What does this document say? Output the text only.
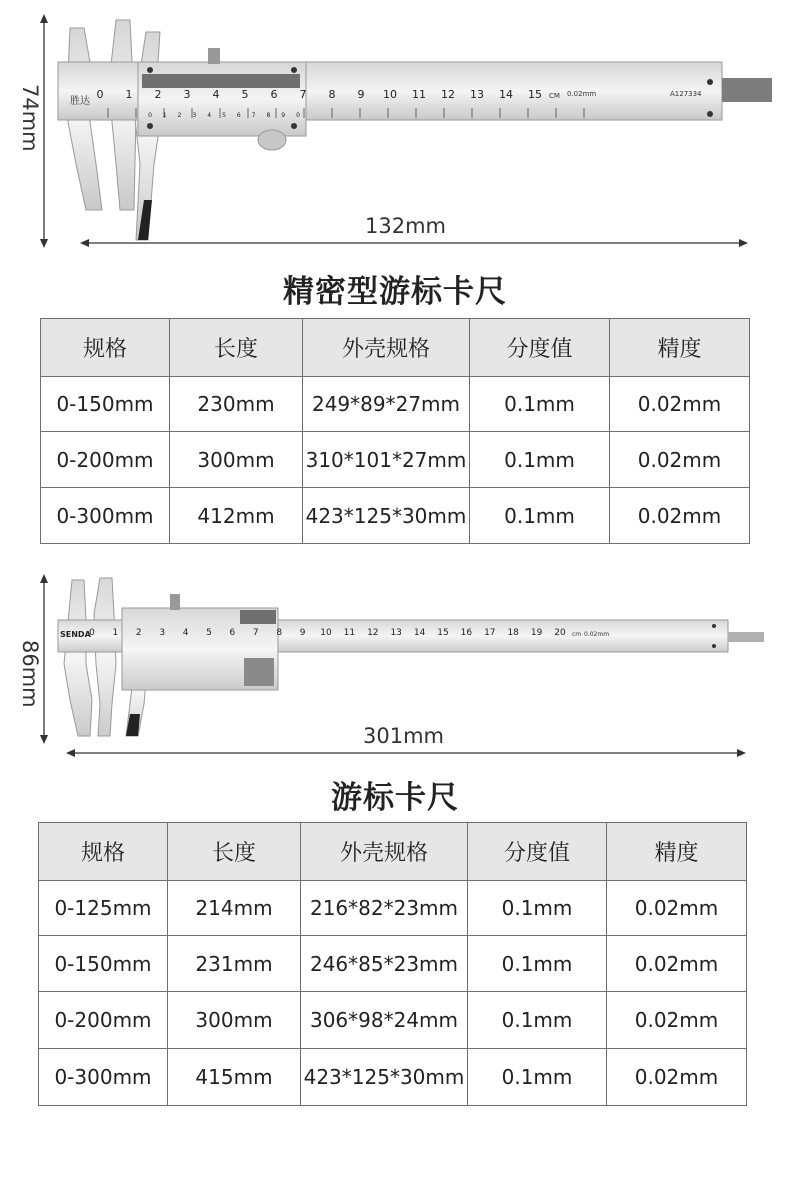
74mm	胜达
0 1 2 3 4 5 6 7 8 9 10 11 12 13 14 15 CM 0.02mm	A127334
0 1 2 3 4 5 6 7 8 9 0
132mm
精密型游标卡尺
规格	长度	外壳规格	分度值	精度
0-150mm	230mm	249*89*27mm	0.1mm	0.02mm
0-200mm	300mm	310*101*27mm	0.1mm	0.02mm
0-300mm	412mm	423*125*30mm	0.1mm	0.02mm
86mm
SENDA
0 1 2 3 4 5 6 7 8 9 10 11 12 13 14 15 16 17 18 19 20 cm 0.02mm
301mm
游标卡尺
规格	长度	外壳规格	分度值	精度
0-125mm	214mm	216*82*23mm	0.1mm	0.02mm
0-150mm	231mm	246*85*23mm	0.1mm	0.02mm
0-200mm	300mm	306*98*24mm	0.1mm	0.02mm
0-300mm	415mm	423*125*30mm	0.1mm	0.02mm
